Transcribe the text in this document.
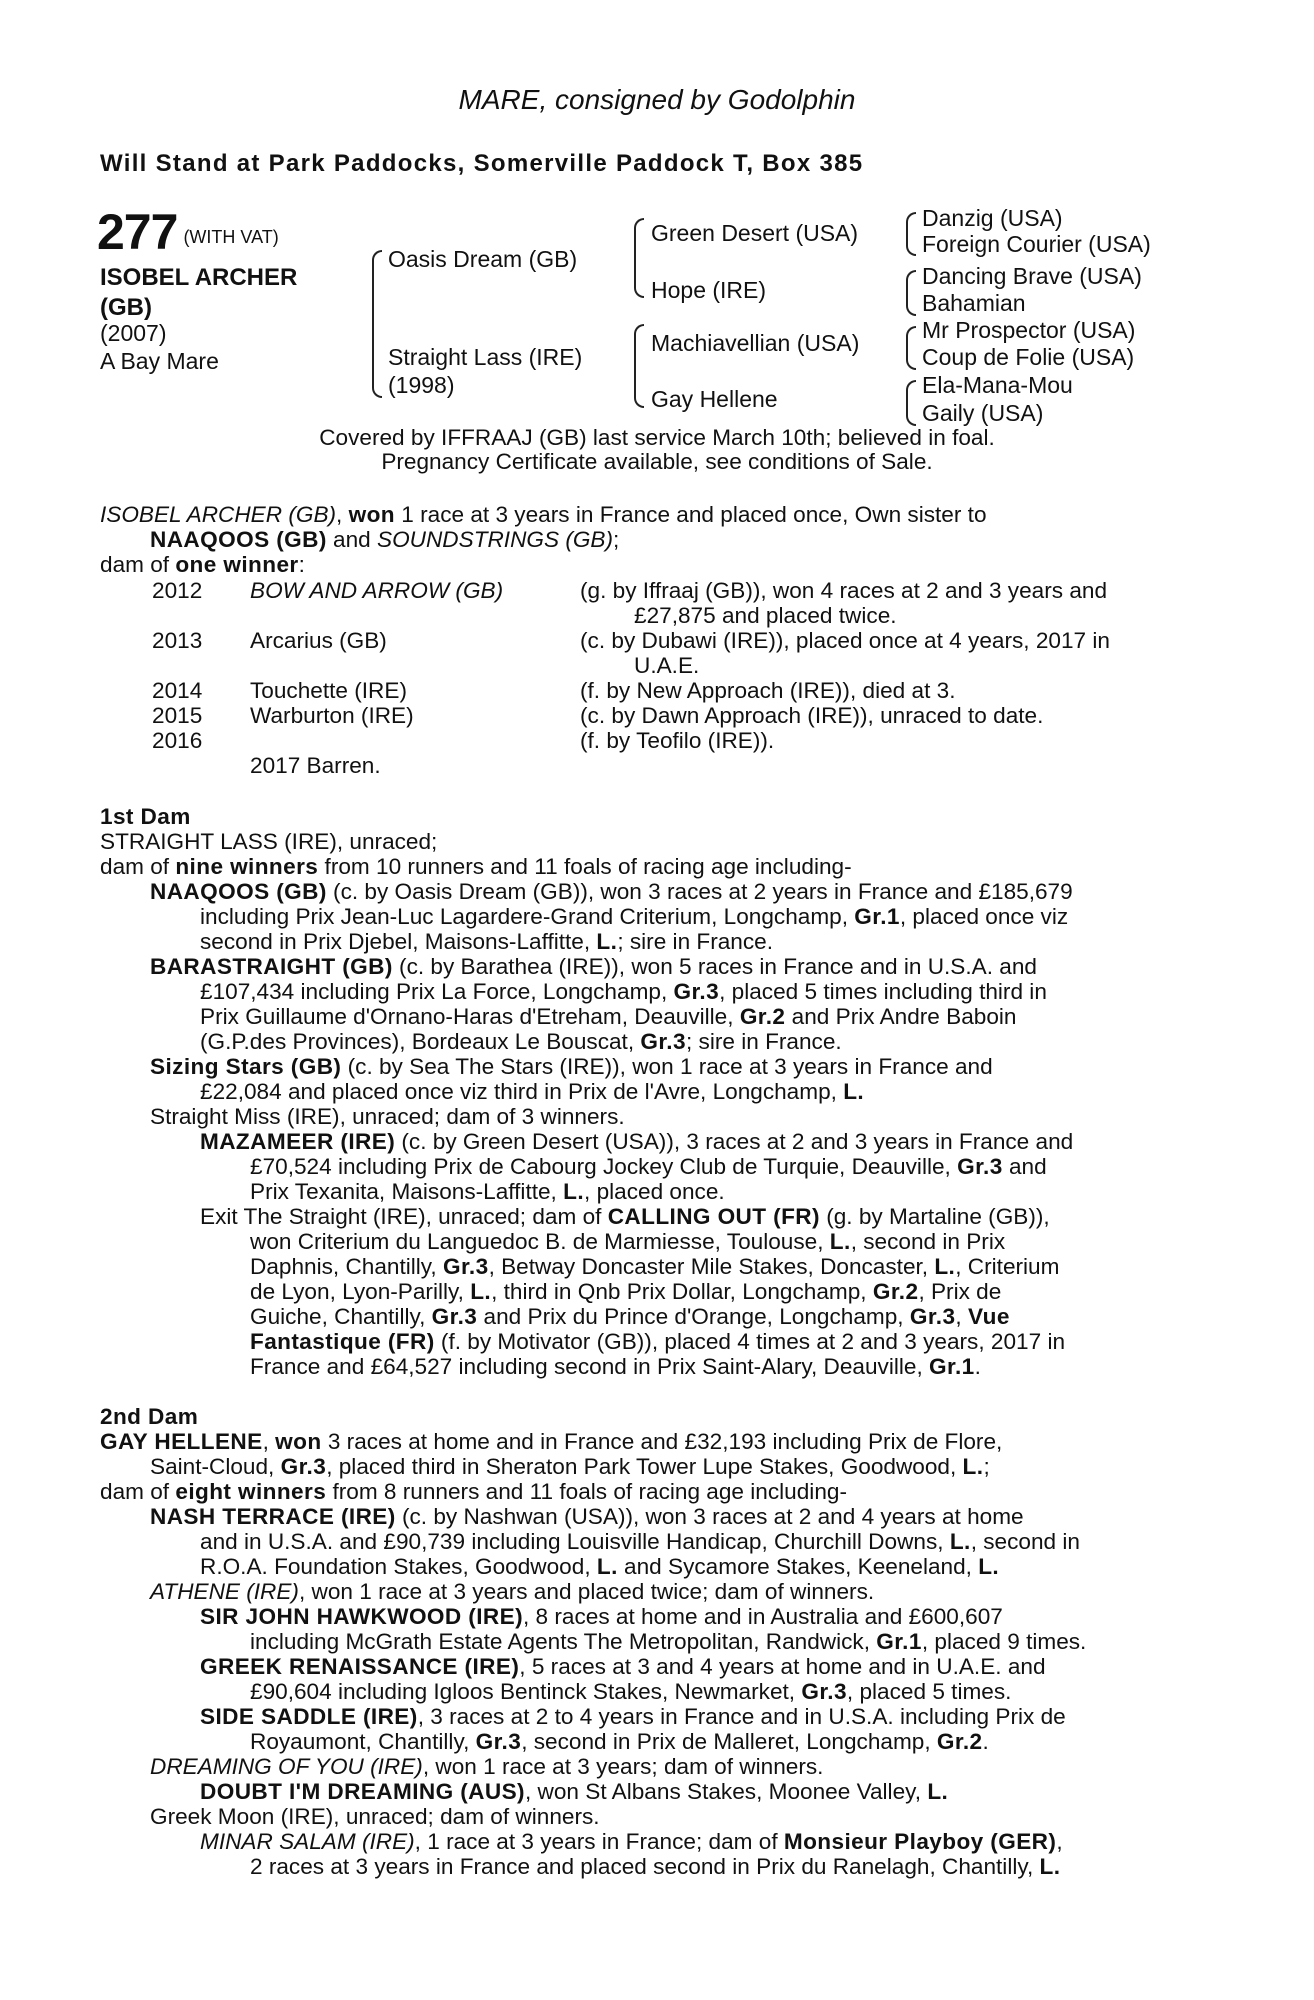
MARE, consigned by Godolphin
Will Stand at Park Paddocks, Somerville Paddock T, Box 385
277 (WITH VAT)
ISOBEL ARCHER
(GB)
(2007)
A Bay Mare
Oasis Dream (GB)
Straight Lass (IRE)
(1998)
Green Desert (USA)
Hope (IRE)
Machiavellian (USA)
Gay Hellene
Danzig (USA)
Foreign Courier (USA)
Dancing Brave (USA)
Bahamian
Mr Prospector (USA)
Coup de Folie (USA)
Ela-Mana-Mou
Gaily (USA)
Covered by IFFRAAJ (GB) last service March 10th; believed in foal.
Pregnancy Certificate available, see conditions of Sale.
ISOBEL ARCHER (GB), won 1 race at 3 years in France and placed once, Own sister to
NAAQOOS (GB) and SOUNDSTRINGS (GB);
dam of one winner:
2012 BOW AND ARROW (GB)	(g. by Iffraaj (GB)), won 4 races at 2 and 3 years and
£27,875 and placed twice.
2013 Arcarius (GB)	(c. by Dubawi (IRE)), placed once at 4 years, 2017 in
U.A.E.
2014 Touchette (IRE)	(f. by New Approach (IRE)), died at 3.
2015 Warburton (IRE)	(c. by Dawn Approach (IRE)), unraced to date.
2016	(f. by Teofilo (IRE)).
2017 Barren.
1st Dam
STRAIGHT LASS (IRE), unraced;
dam of nine winners from 10 runners and 11 foals of racing age including-
NAAQOOS (GB) (c. by Oasis Dream (GB)), won 3 races at 2 years in France and £185,679
including Prix Jean-Luc Lagardere-Grand Criterium, Longchamp, Gr.1, placed once viz
second in Prix Djebel, Maisons-Laffitte, L.; sire in France.
BARASTRAIGHT (GB) (c. by Barathea (IRE)), won 5 races in France and in U.S.A. and
£107,434 including Prix La Force, Longchamp, Gr.3, placed 5 times including third in
Prix Guillaume d'Ornano-Haras d'Etreham, Deauville, Gr.2 and Prix Andre Baboin
(G.P.des Provinces), Bordeaux Le Bouscat, Gr.3; sire in France.
Sizing Stars (GB) (c. by Sea The Stars (IRE)), won 1 race at 3 years in France and
£22,084 and placed once viz third in Prix de l'Avre, Longchamp, L.
Straight Miss (IRE), unraced; dam of 3 winners.
MAZAMEER (IRE) (c. by Green Desert (USA)), 3 races at 2 and 3 years in France and
£70,524 including Prix de Cabourg Jockey Club de Turquie, Deauville, Gr.3 and
Prix Texanita, Maisons-Laffitte, L., placed once.
Exit The Straight (IRE), unraced; dam of CALLING OUT (FR) (g. by Martaline (GB)),
won Criterium du Languedoc B. de Marmiesse, Toulouse, L., second in Prix
Daphnis, Chantilly, Gr.3, Betway Doncaster Mile Stakes, Doncaster, L., Criterium
de Lyon, Lyon-Parilly, L., third in Qnb Prix Dollar, Longchamp, Gr.2, Prix de
Guiche, Chantilly, Gr.3 and Prix du Prince d'Orange, Longchamp, Gr.3, Vue
Fantastique (FR) (f. by Motivator (GB)), placed 4 times at 2 and 3 years, 2017 in
France and £64,527 including second in Prix Saint-Alary, Deauville, Gr.1.
2nd Dam
GAY HELLENE, won 3 races at home and in France and £32,193 including Prix de Flore,
Saint-Cloud, Gr.3, placed third in Sheraton Park Tower Lupe Stakes, Goodwood, L.;
dam of eight winners from 8 runners and 11 foals of racing age including-
NASH TERRACE (IRE) (c. by Nashwan (USA)), won 3 races at 2 and 4 years at home
and in U.S.A. and £90,739 including Louisville Handicap, Churchill Downs, L., second in
R.O.A. Foundation Stakes, Goodwood, L. and Sycamore Stakes, Keeneland, L.
ATHENE (IRE), won 1 race at 3 years and placed twice; dam of winners.
SIR JOHN HAWKWOOD (IRE), 8 races at home and in Australia and £600,607
including McGrath Estate Agents The Metropolitan, Randwick, Gr.1, placed 9 times.
GREEK RENAISSANCE (IRE), 5 races at 3 and 4 years at home and in U.A.E. and
£90,604 including Igloos Bentinck Stakes, Newmarket, Gr.3, placed 5 times.
SIDE SADDLE (IRE), 3 races at 2 to 4 years in France and in U.S.A. including Prix de
Royaumont, Chantilly, Gr.3, second in Prix de Malleret, Longchamp, Gr.2.
DREAMING OF YOU (IRE), won 1 race at 3 years; dam of winners.
DOUBT I'M DREAMING (AUS), won St Albans Stakes, Moonee Valley, L.
Greek Moon (IRE), unraced; dam of winners.
MINAR SALAM (IRE), 1 race at 3 years in France; dam of Monsieur Playboy (GER),
2 races at 3 years in France and placed second in Prix du Ranelagh, Chantilly, L.
